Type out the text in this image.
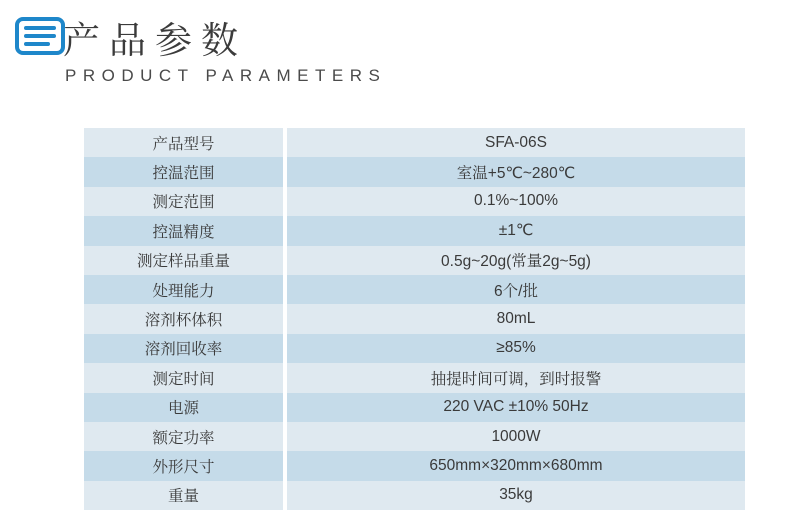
产品参数
PRODUCT PARAMETERS
产品型号	SFA-06S
控温范围	室温+5℃~280℃
测定范围	0.1%~100%
控温精度	±1℃
测定样品重量	0.5g~20g(常量2g~5g)
处理能力	6个/批
溶剂杯体积	80mL
溶剂回收率	≥85%
测定时间	抽提时间可调，到时报警
电源	220 VAC ±10% 50Hz
额定功率	1000W
外形尺寸	650mm×320mm×680mm
重量	35kg
